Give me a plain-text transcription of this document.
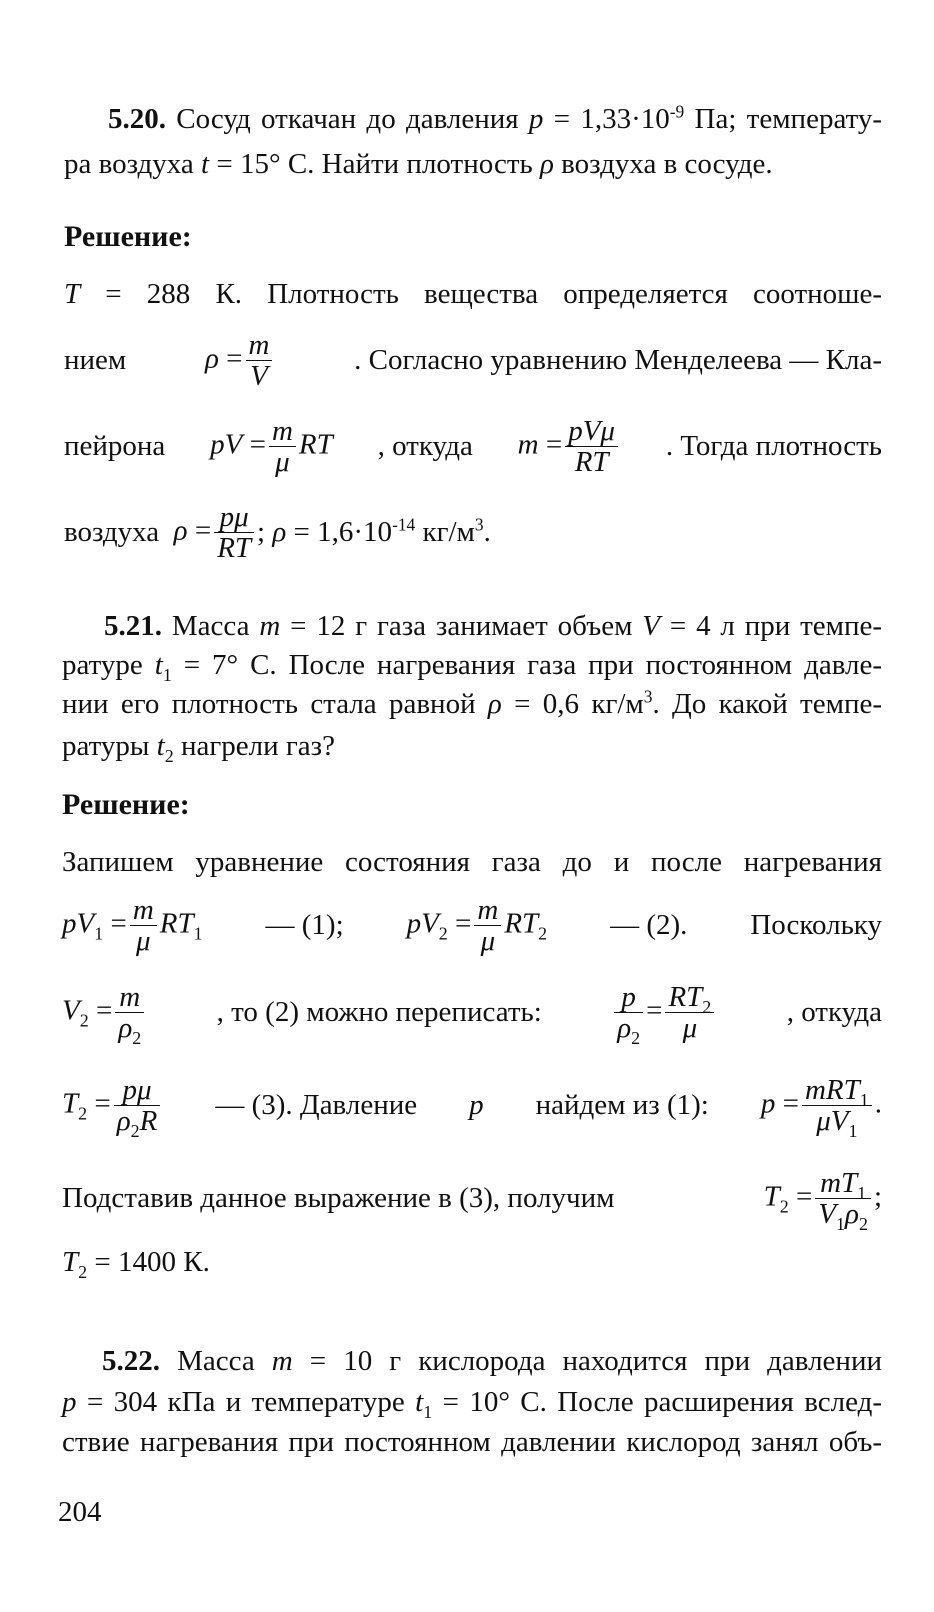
5.20. Сосуд откачан до давления $p = 1,33\cdot 10^{-9}$ Па; температу-
ра воздуха t = 15° С. Найти плотность ρ воздуха в сосуде.
Решение:
T = 288 К. Плотность вещества определяется соотноше-
нием	$\rho = \frac{m}{V}$	. Согласно уравнению Менделеева — Кла-
пейрона pV = $\frac{m}{\mu}$ RT , откуда $m = \frac{\text{pVμ}}{RT}$ . Тогда плотность
воздуха
$\rho = \frac{p\mu}{RT}$ ; $\rho = 1,6\cdot 10^{-14}$ $кг/м^3$.
5.21. Масса m = 12 г газа занимает объем V = 4 л при темпе-
ратуре $t_1 = 7^\circ$ С. После нагревания газа при постоянном давле-
нии его плотность стала равной ρ = 0,6 $кг/м^3$. До какой темпе-
ратуры $t_2$ нагрели газ?
Решение:
Запишем уравнение состояния газа до и после нагревания
$pV_1 = \frac{m}{\mu} RT_1$ — (1); $pV_2 = \frac{m}{\mu} RT_2$ — (2). Поскольку
$V_2 = \frac{m}{\rho_2}$ , то (2) можно переписать: $\frac{p}{\rho_2} = \frac{RT_2}{\mu}$ , откуда
$T_2 = \frac{p\mu}{\rho_2R}$ — (3). Давление p найдем из (1): $p = \frac{mRT_1}{\mu V_1}$ .
Подставив данное выражение в (3), получим	$T_2 = \frac{mT_1}{V_1\rho_2}$ ;
$T_2 = 1400$ К.
5.22. Масса m = 10 г кислорода находится при давлении
p = 304 кПа и температуре $t_1 = 10^\circ$ С. После расширения вслед-
ствие нагревания при постоянном давлении кислород занял объ-
204
